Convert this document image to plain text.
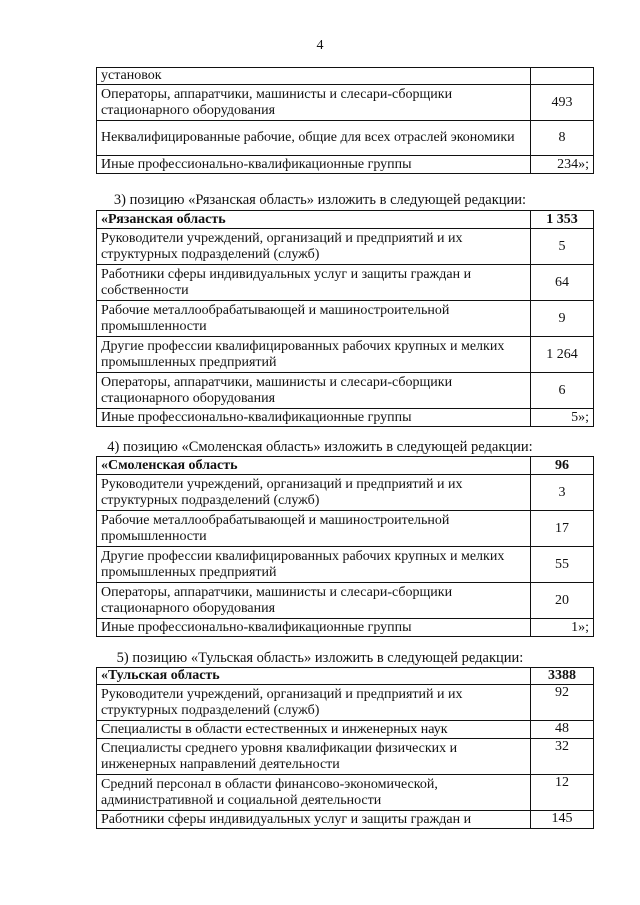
4
установок	
Операторы, аппаратчики, машинисты и слесари-сборщики стационарного оборудования	493
Неквалифицированные рабочие, общие для всех отраслей экономики	8
Иные профессионально-квалификационные группы	234»;
3) позицию «Рязанская область» изложить в следующей редакции:
«Рязанская область	1 353
Руководители учреждений, организаций и предприятий и их структурных подразделений (служб)	5
Работники сферы индивидуальных услуг и защиты граждан и собственности	64
Рабочие металлообрабатывающей и машиностроительной промышленности	9
Другие профессии квалифицированных рабочих крупных и мелких промышленных предприятий	1 264
Операторы, аппаратчики, машинисты и слесари-сборщики стационарного оборудования	6
Иные профессионально-квалификационные группы	5»;
4) позицию «Смоленская область» изложить в следующей редакции:
«Смоленская область	96
Руководители учреждений, организаций и предприятий и их структурных подразделений (служб)	3
Рабочие металлообрабатывающей и машиностроительной промышленности	17
Другие профессии квалифицированных рабочих крупных и мелких промышленных предприятий	55
Операторы, аппаратчики, машинисты и слесари-сборщики стационарного оборудования	20
Иные профессионально-квалификационные группы	1»;
5) позицию «Тульская область» изложить в следующей редакции:
«Тульская область	3388
Руководители учреждений, организаций и предприятий и их структурных подразделений (служб)	92
Специалисты в области естественных и инженерных наук	48
Специалисты среднего уровня квалификации физических и инженерных направлений деятельности	32
Средний персонал в области финансово-экономической, административной и социальной деятельности	12
Работники сферы индивидуальных услуг и защиты граждан и	145
